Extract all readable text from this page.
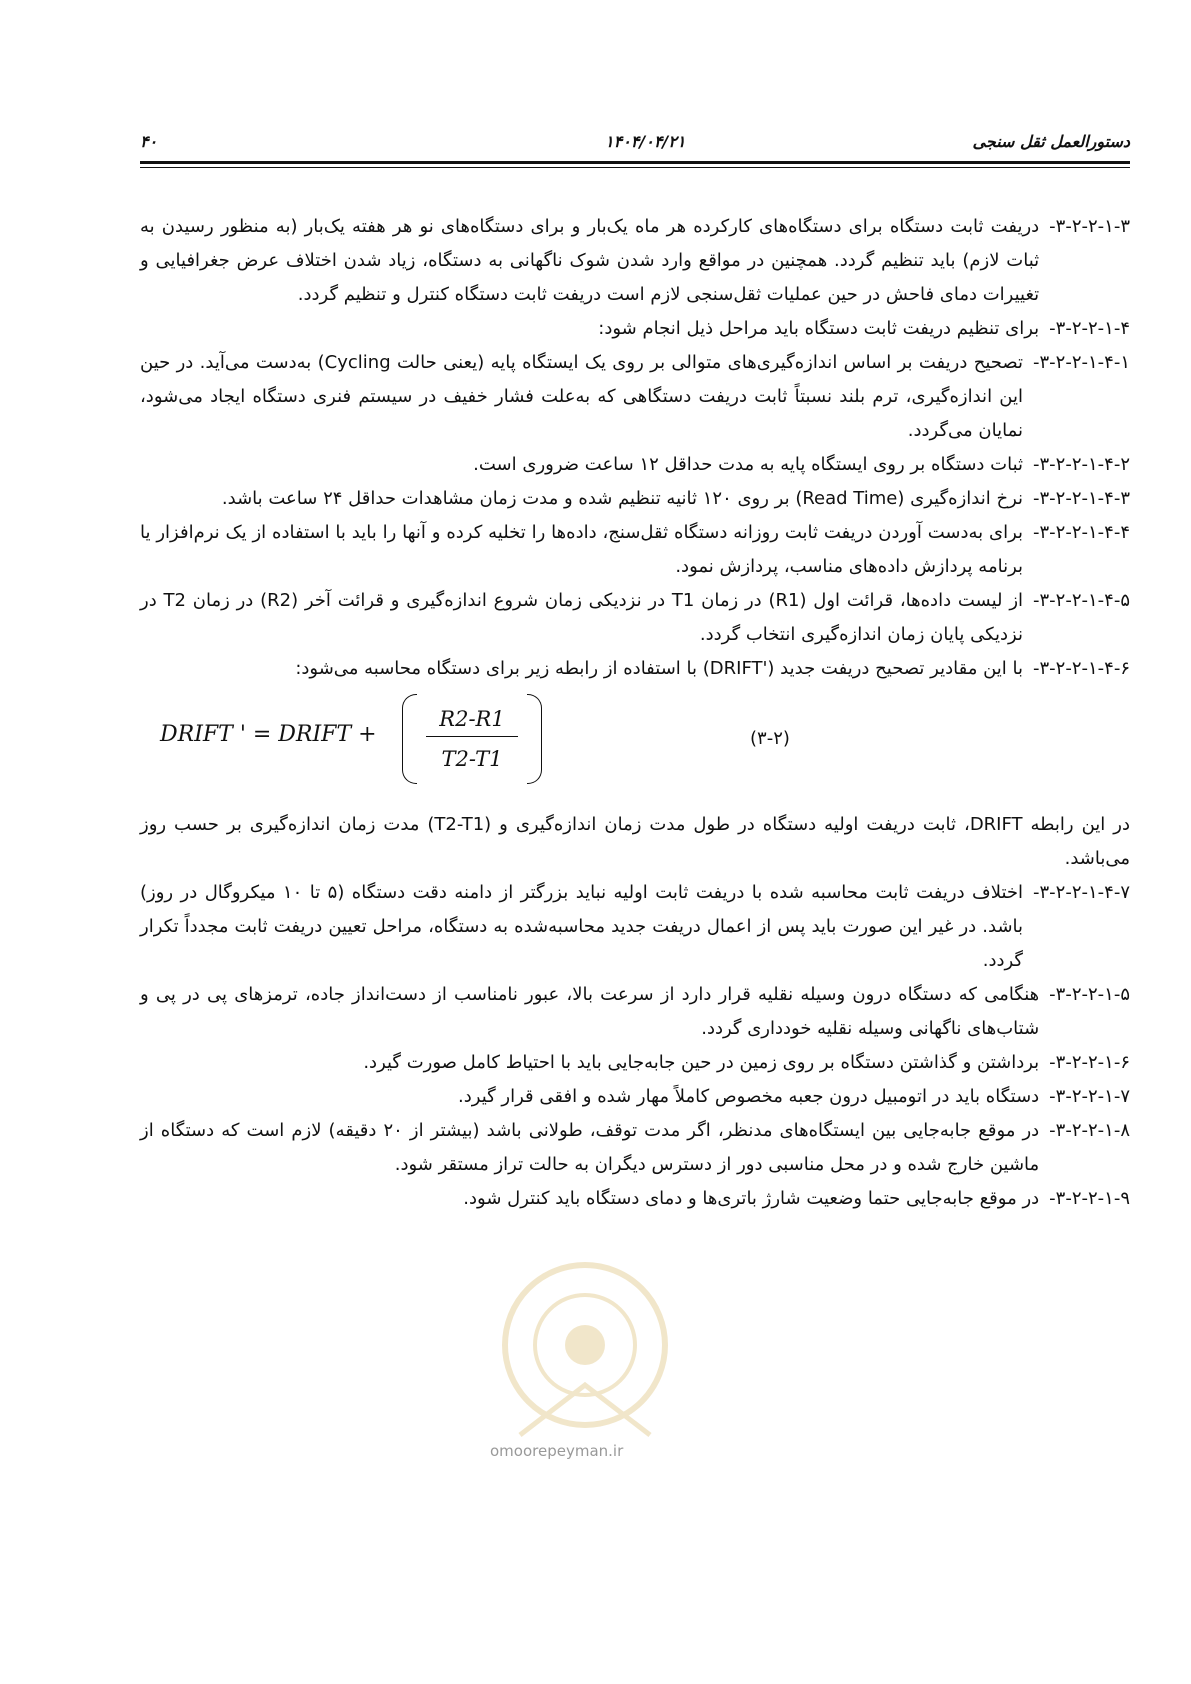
۴۰	۱۴۰۴/۰۴/۲۱	دستورالعمل ثقل سنجی
۳-۲-۲-۱-۳-
دریفت ثابت دستگاه برای دستگاه‌های کارکرده هر ماه یک‌بار و برای دستگاه‌های نو هر هفته یک‌بار (به منظور رسیدن به ثبات لازم) باید تنظیم گردد. همچنین در مواقع وارد شدن شوک ناگهانی به دستگاه، زیاد شدن اختلاف عرض جغرافیایی و تغییرات دمای فاحش در حین عملیات ثقل‌سنجی لازم است دریفت ثابت دستگاه کنترل و تنظیم گردد.
۳-۲-۲-۱-۴-
برای تنظیم دریفت ثابت دستگاه باید مراحل ذیل انجام شود:
۳-۲-۲-۱-۴-۱-
تصحیح دریفت بر اساس اندازه‌گیری‌های متوالی بر روی یک ایستگاه پایه (یعنی حالت Cycling) به‌دست می‌آید. در حین این اندازه‌گیری، ترم بلند نسبتاً ثابت دریفت دستگاهی که به‌علت فشار خفیف در سیستم فنری دستگاه ایجاد می‌شود، نمایان می‌گردد.
۳-۲-۲-۱-۴-۲-
ثبات دستگاه بر روی ایستگاه پایه به مدت حداقل ۱۲ ساعت ضروری است.
۳-۲-۲-۱-۴-۳-
نرخ اندازه‌گیری (Read Time) بر روی ۱۲۰ ثانیه تنظیم شده و مدت زمان مشاهدات حداقل ۲۴ ساعت باشد.
۳-۲-۲-۱-۴-۴-
برای به‌دست آوردن دریفت ثابت روزانه دستگاه ثقل‌سنج، داده‌ها را تخلیه کرده و آنها را باید با استفاده از یک نرم‌افزار یا برنامه پردازش داده‌های مناسب، پردازش نمود.
۳-۲-۲-۱-۴-۵-
از لیست داده‌ها، قرائت اول (R1) در زمان T1 در نزدیکی زمان شروع اندازه‌گیری و قرائت آخر (R2) در زمان T2 در نزدیکی پایان زمان اندازه‌گیری انتخاب گردد.
۳-۲-۲-۱-۴-۶-
با این مقادیر تصحیح دریفت جدید ('DRIFT) با استفاده از رابطه زیر برای دستگاه محاسبه می‌شود:
DRIFT ' = DRIFT +
R2-R1
T2-T1
(۳-۲)

در این رابطه DRIFT، ثابت دریفت اولیه دستگاه در طول مدت زمان اندازه‌گیری و (T2-T1) مدت زمان اندازه‌گیری بر حسب روز می‌باشد.

۳-۲-۲-۱-۴-۷-
اختلاف دریفت ثابت محاسبه شده با دریفت ثابت اولیه نباید بزرگتر از دامنه دقت دستگاه (۵ تا ۱۰ میکروگال در روز) باشد. در غیر این صورت باید پس از اعمال دریفت جدید محاسبه‌شده به دستگاه، مراحل تعیین دریفت ثابت مجدداً تکرار گردد.
۳-۲-۲-۱-۵-
هنگامی که دستگاه درون وسیله نقلیه قرار دارد از سرعت بالا، عبور نامناسب از دست‌انداز جاده، ترمزهای پی در پی و شتاب‌های ناگهانی وسیله نقلیه خودداری گردد.
۳-۲-۲-۱-۶-
برداشتن و گذاشتن دستگاه بر روی زمین در حین جابه‌جایی باید با احتیاط کامل صورت گیرد.
۳-۲-۲-۱-۷-
دستگاه باید در اتومبیل درون جعبه مخصوص کاملاً مهار شده و افقی قرار گیرد.
۳-۲-۲-۱-۸-
در موقع جابه‌جایی بین ایستگاه‌های مدنظر، اگر مدت توقف، طولانی باشد (بیشتر از ۲۰ دقیقه) لازم است که دستگاه از ماشین خارج شده و در محل مناسبی دور از دسترس دیگران به حالت تراز مستقر شود.
۳-۲-۲-۱-۹-
در موقع جابه‌جایی حتما وضعیت شارژ باتری‌ها و دمای دستگاه باید کنترل شود.
omoorepeyman.ir
